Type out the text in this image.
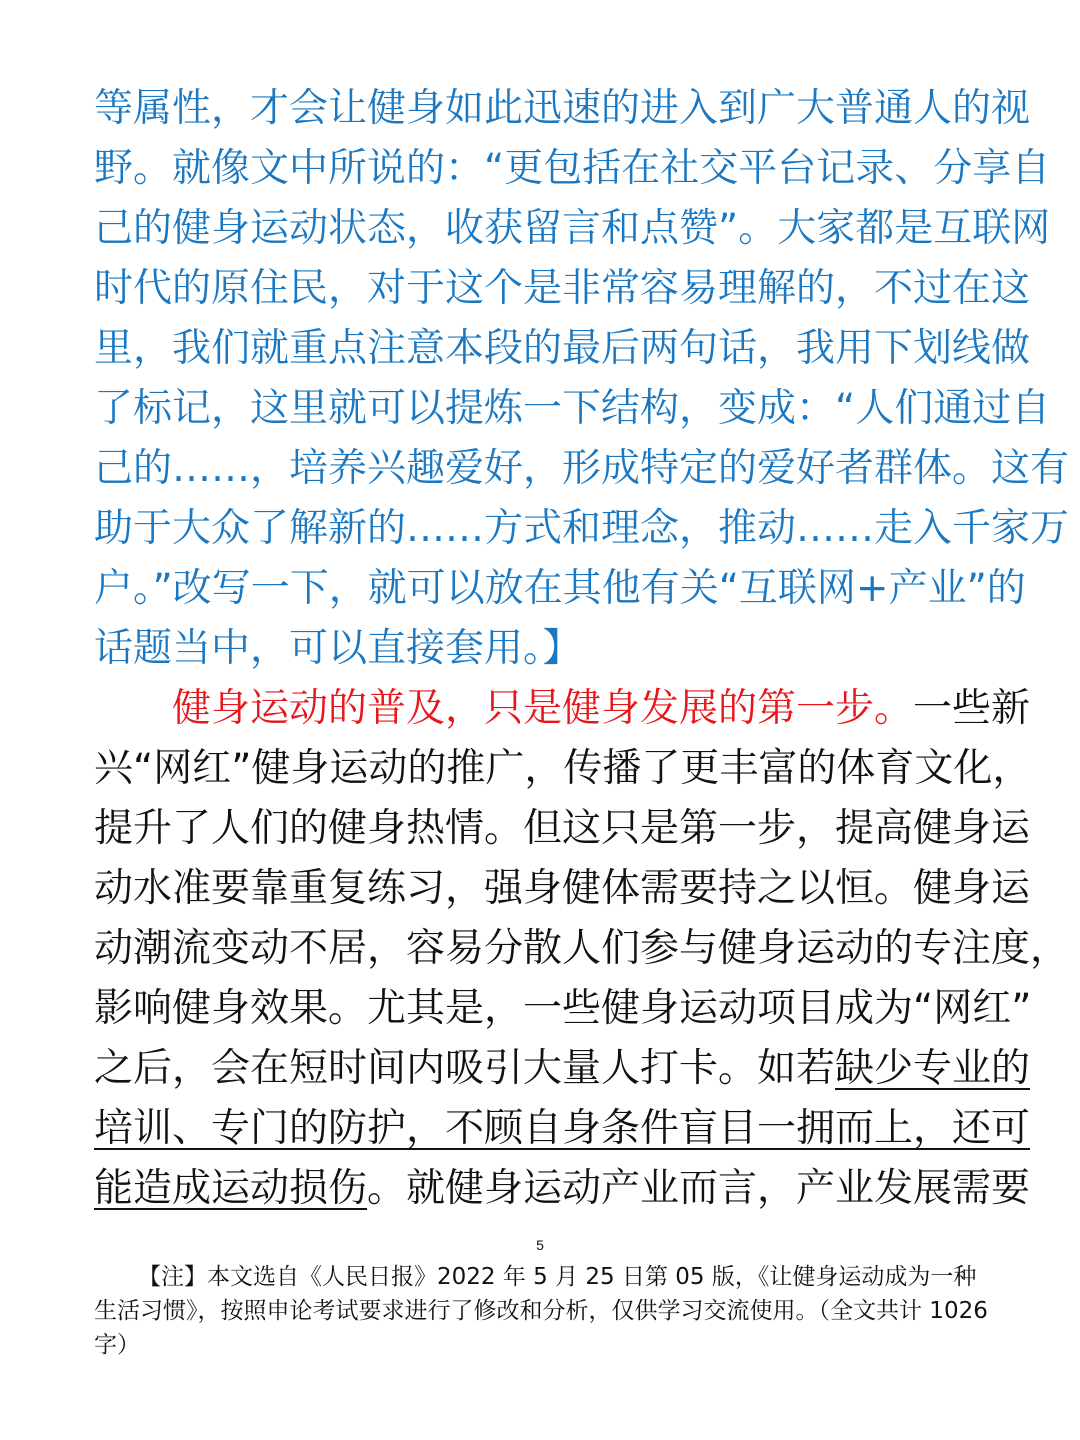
等属性，才会让健身如此迅速的进入到广大普通人的视
野。就像文中所说的：“更包括在社交平台记录、分享自
己的健身运动状态，收获留言和点赞”。大家都是互联网
时代的原住民，对于这个是非常容易理解的，不过在这
里，我们就重点注意本段的最后两句话，我用下划线做
了标记，这里就可以提炼一下结构，变成：“人们通过自
己的……，培养兴趣爱好，形成特定的爱好者群体。这有
助于大众了解新的……方式和理念，推动……走入千家万
户。”改写一下，就可以放在其他有关“互联网+产业”的
话题当中，可以直接套用。】
健身运动的普及，只是健身发展的第一步。一些新
兴“网红”健身运动的推广，传播了更丰富的体育文化，
提升了人们的健身热情。但这只是第一步，提高健身运
动水准要靠重复练习，强身健体需要持之以恒。健身运
动潮流变动不居，容易分散人们参与健身运动的专注度，
影响健身效果。尤其是，一些健身运动项目成为“网红”
之后，会在短时间内吸引大量人打卡。如若缺少专业的
培训、专门的防护，不顾自身条件盲目一拥而上，还可
能造成运动损伤。就健身运动产业而言，产业发展需要
5
【注】本文选自《人民日报》2022 年 5 月 25 日第 05 版，《让健身运动成为一种
生活习惯》，按照申论考试要求进行了修改和分析，仅供学习交流使用。（全文共计 1026
字）
